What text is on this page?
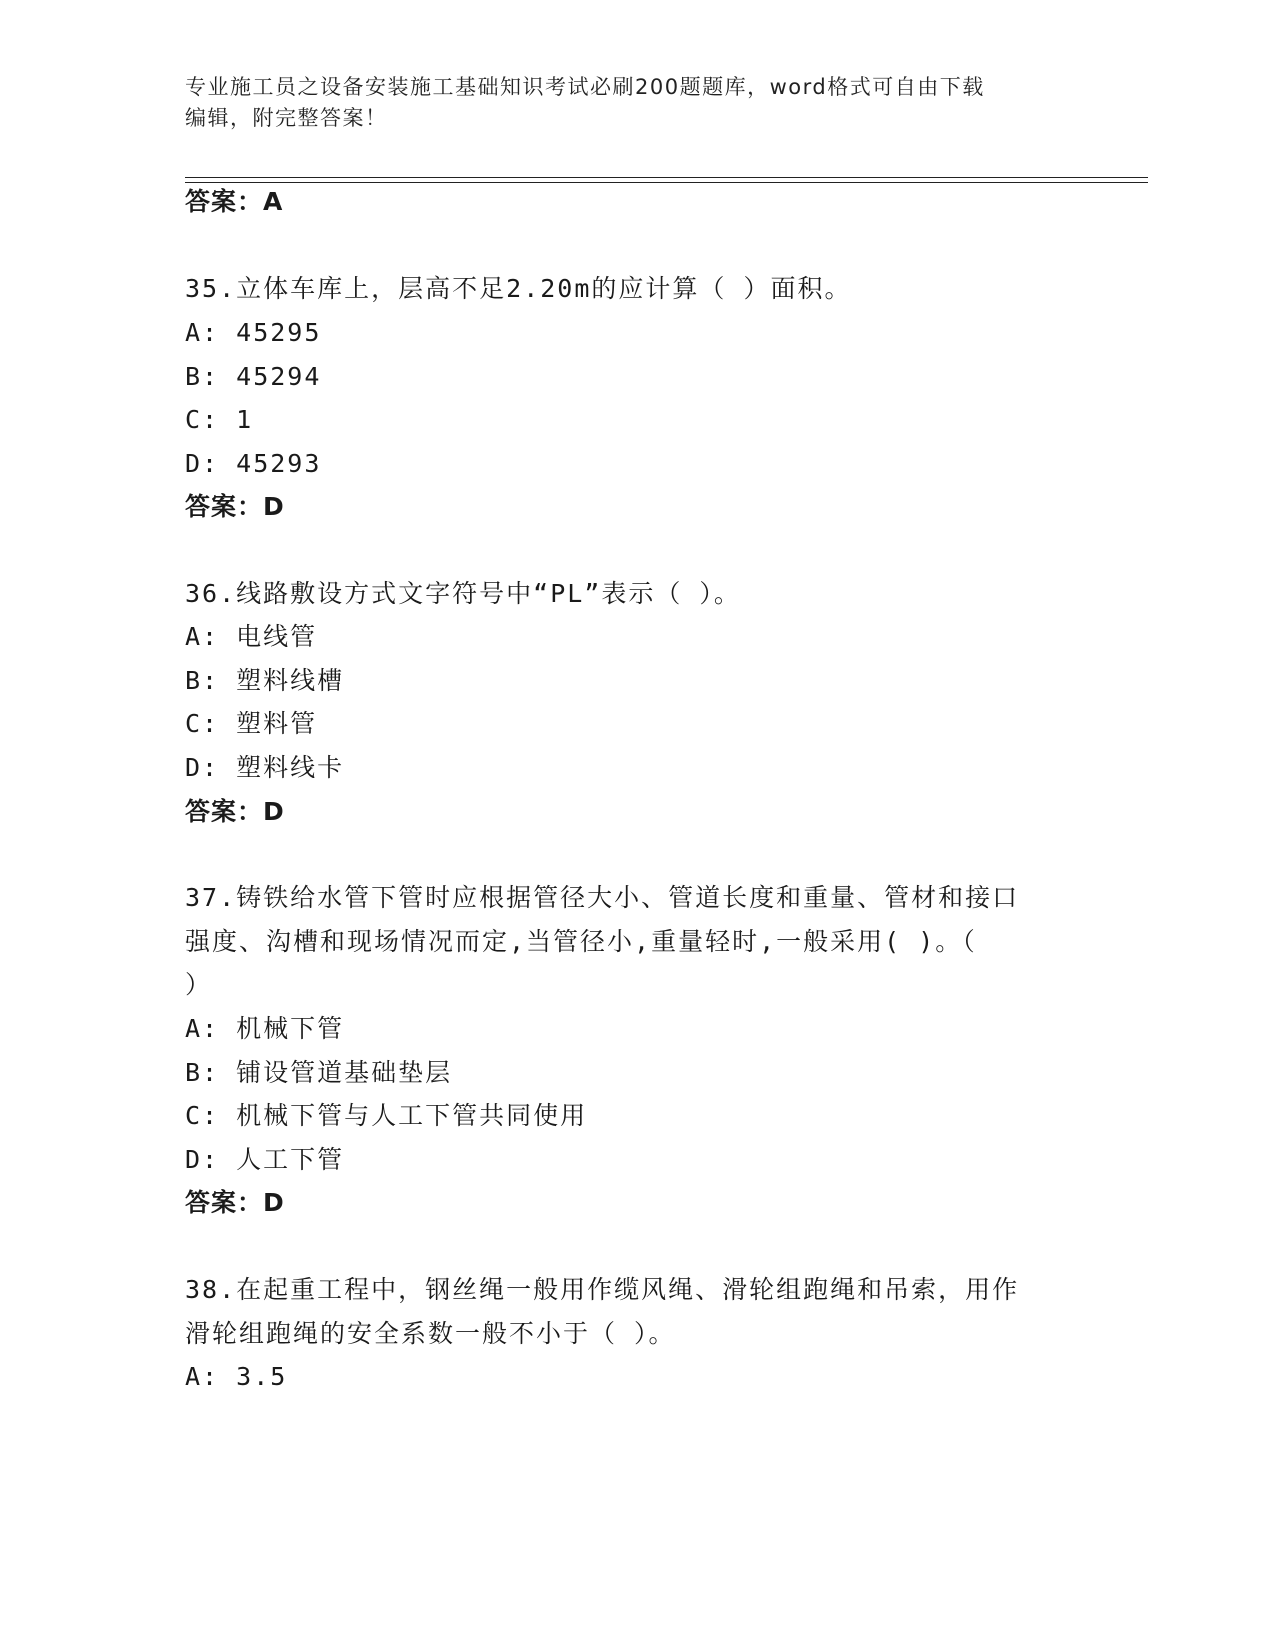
专业施工员之设备安装施工基础知识考试必刷200题题库，word格式可自由下载
编辑，附完整答案！
答案：A
35.立体车库上，层高不足2.20m的应计算（ ）面积。
A: 45295
B: 45294
C: 1
D: 45293
答案：D
36.线路敷设方式文字符号中“PL”表示（ ）。
A: 电线管
B: 塑料线槽
C: 塑料管
D: 塑料线卡
答案：D
37.铸铁给水管下管时应根据管径大小、管道长度和重量、管材和接口
强度、沟槽和现场情况而定,当管径小,重量轻时,一般采用( )。（
）
A: 机械下管
B: 铺设管道基础垫层
C: 机械下管与人工下管共同使用
D: 人工下管
答案：D
38.在起重工程中，钢丝绳一般用作缆风绳、滑轮组跑绳和吊索，用作
滑轮组跑绳的安全系数一般不小于（ ）。
A: 3.5
